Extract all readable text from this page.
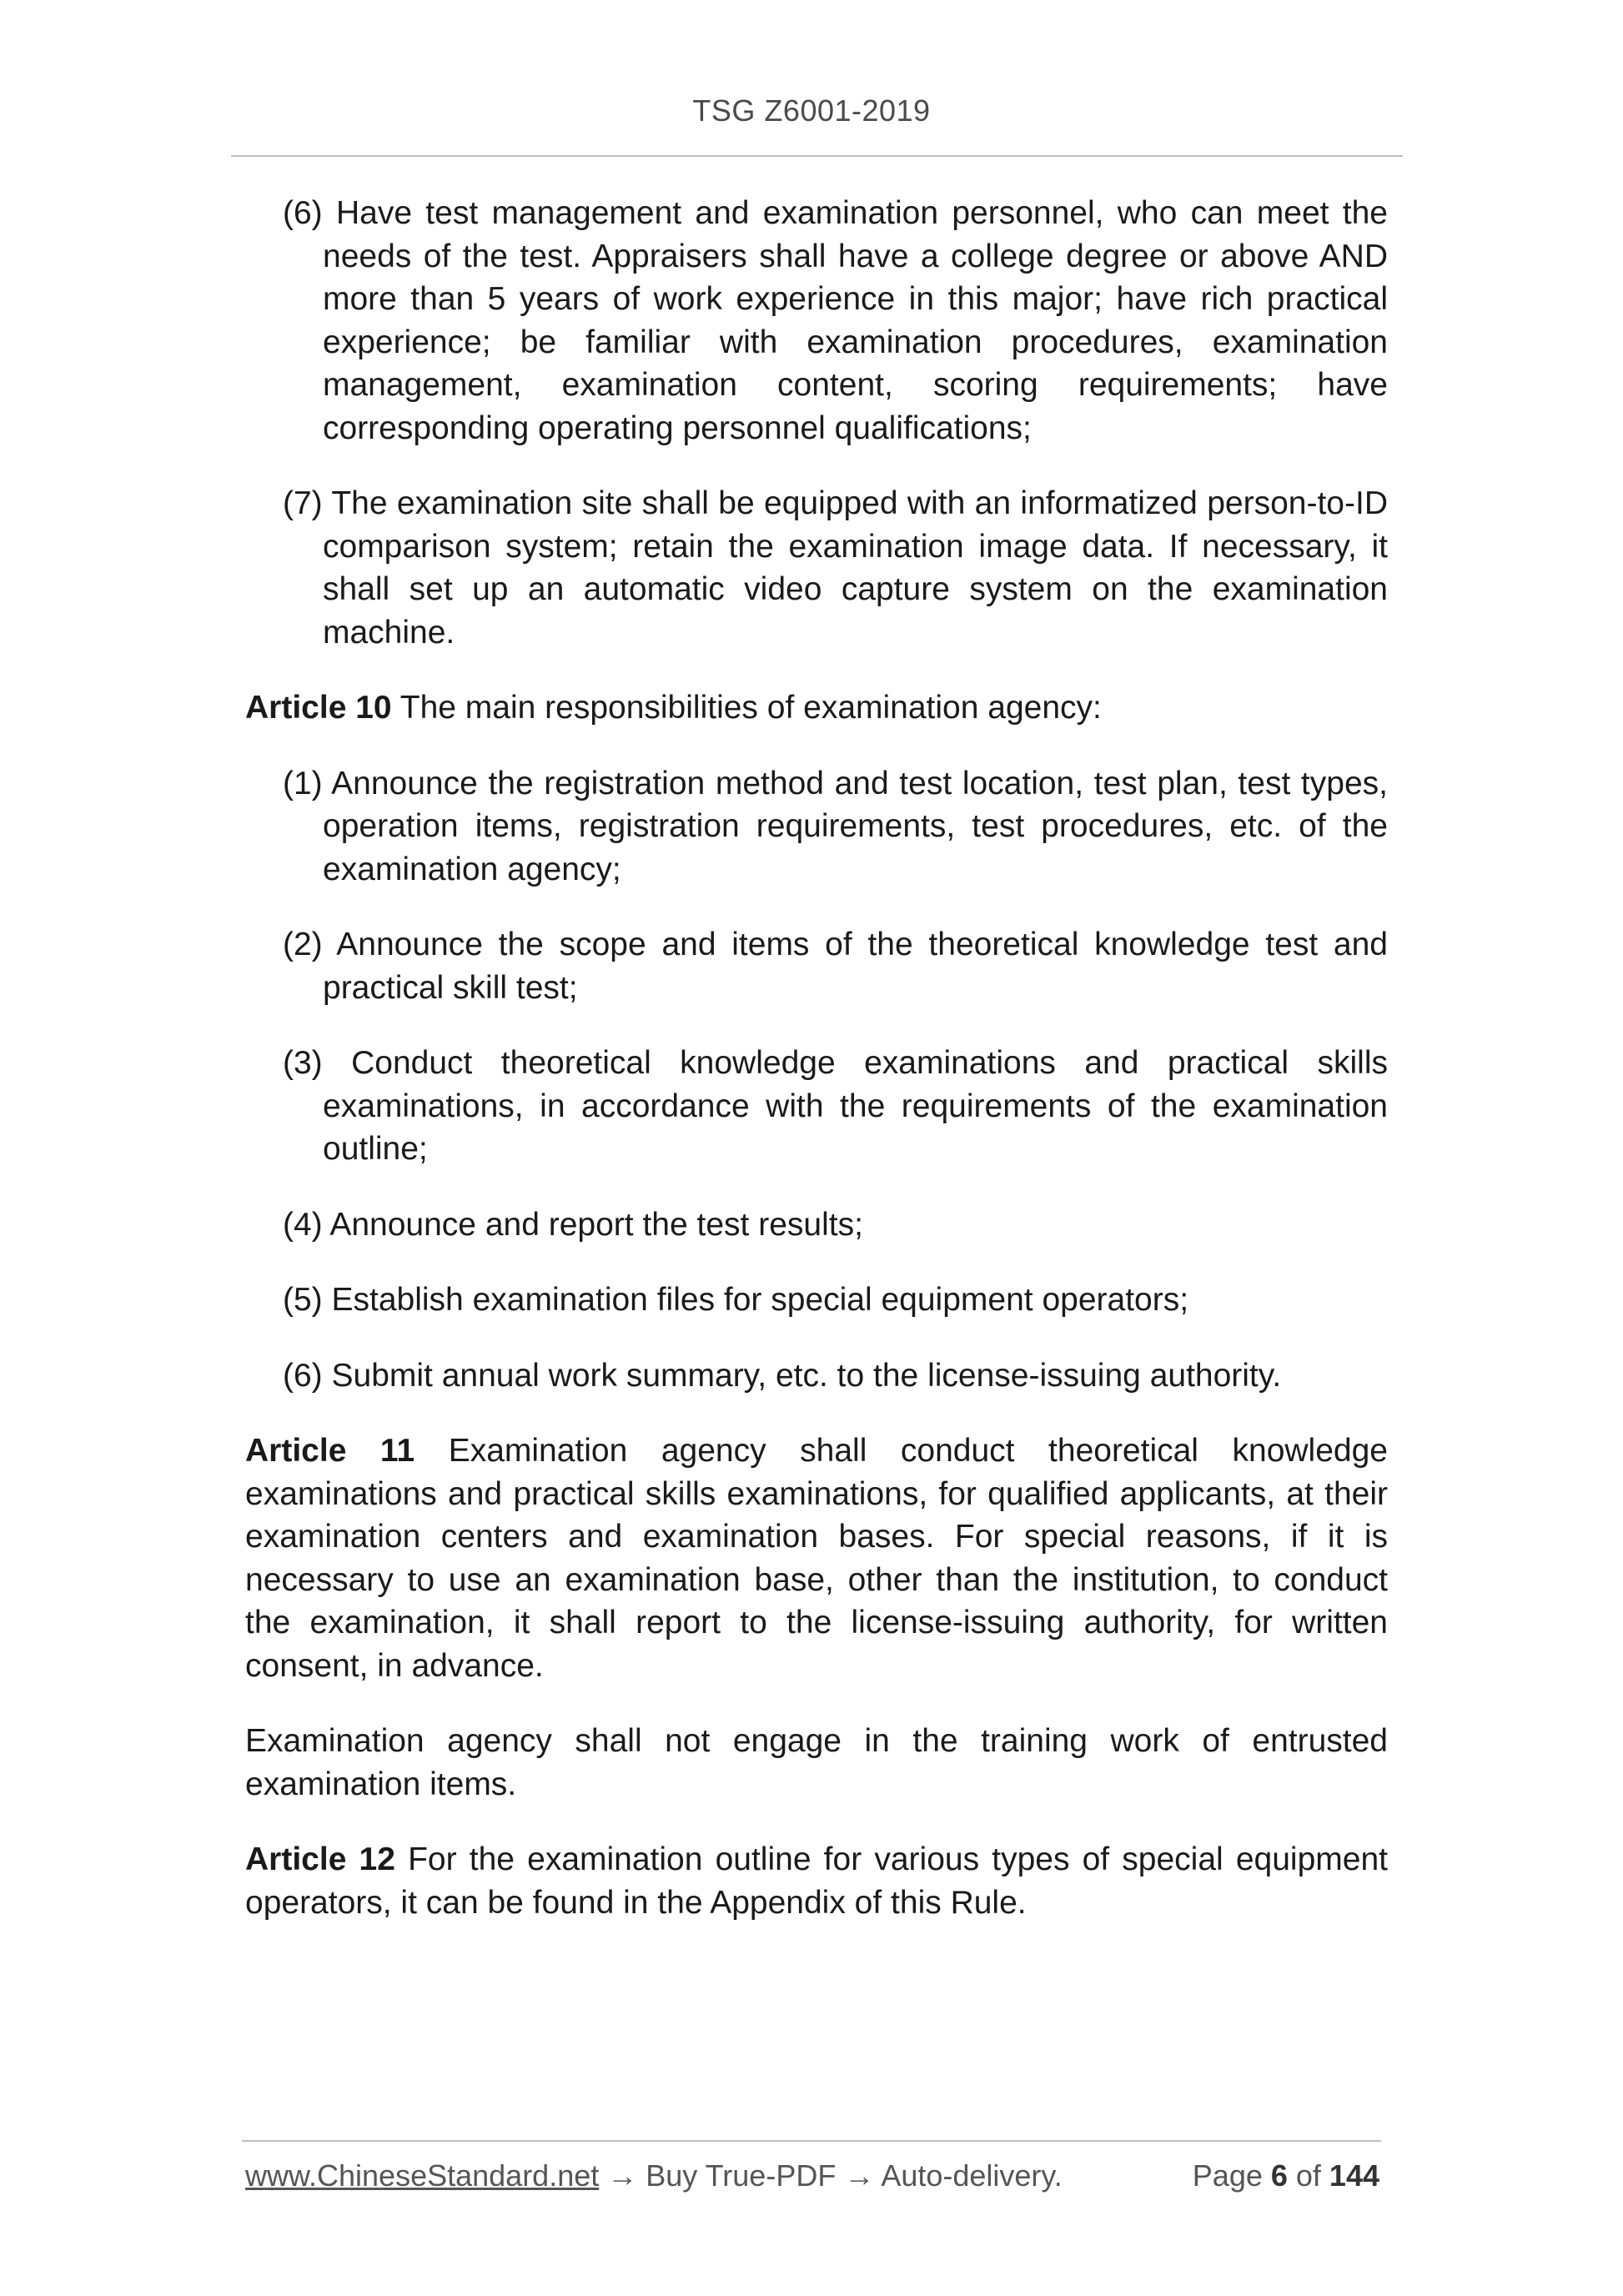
TSG Z6001-2019

(6) Have test management and examination personnel, who can meet the needs of the test. Appraisers shall have a college degree or above AND more than 5 years of work experience in this major; have rich practical experience; be familiar with examination procedures, examination management, examination content, scoring requirements; have corresponding operating personnel qualifications;

(7) The examination site shall be equipped with an informatized person-to-ID comparison system; retain the examination image data. If necessary, it shall set up an automatic video capture system on the examination machine.

Article 10 The main responsibilities of examination agency:

(1) Announce the registration method and test location, test plan, test types, operation items, registration requirements, test procedures, etc. of the examination agency;

(2) Announce the scope and items of the theoretical knowledge test and practical skill test;

(3) Conduct theoretical knowledge examinations and practical skills examinations, in accordance with the requirements of the examination outline;

(4) Announce and report the test results;

(5) Establish examination files for special equipment operators;

(6) Submit annual work summary, etc. to the license-issuing authority.

Article 11 Examination agency shall conduct theoretical knowledge examinations and practical skills examinations, for qualified applicants, at their examination centers and examination bases. For special reasons, if it is necessary to use an examination base, other than the institution, to conduct the examination, it shall report to the license-issuing authority, for written consent, in advance.

Examination agency shall not engage in the training work of entrusted examination items.

Article 12 For the examination outline for various types of special equipment operators, it can be found in the Appendix of this Rule.

www.ChineseStandard.net → Buy True-PDF → Auto-delivery.	Page 6 of 144
